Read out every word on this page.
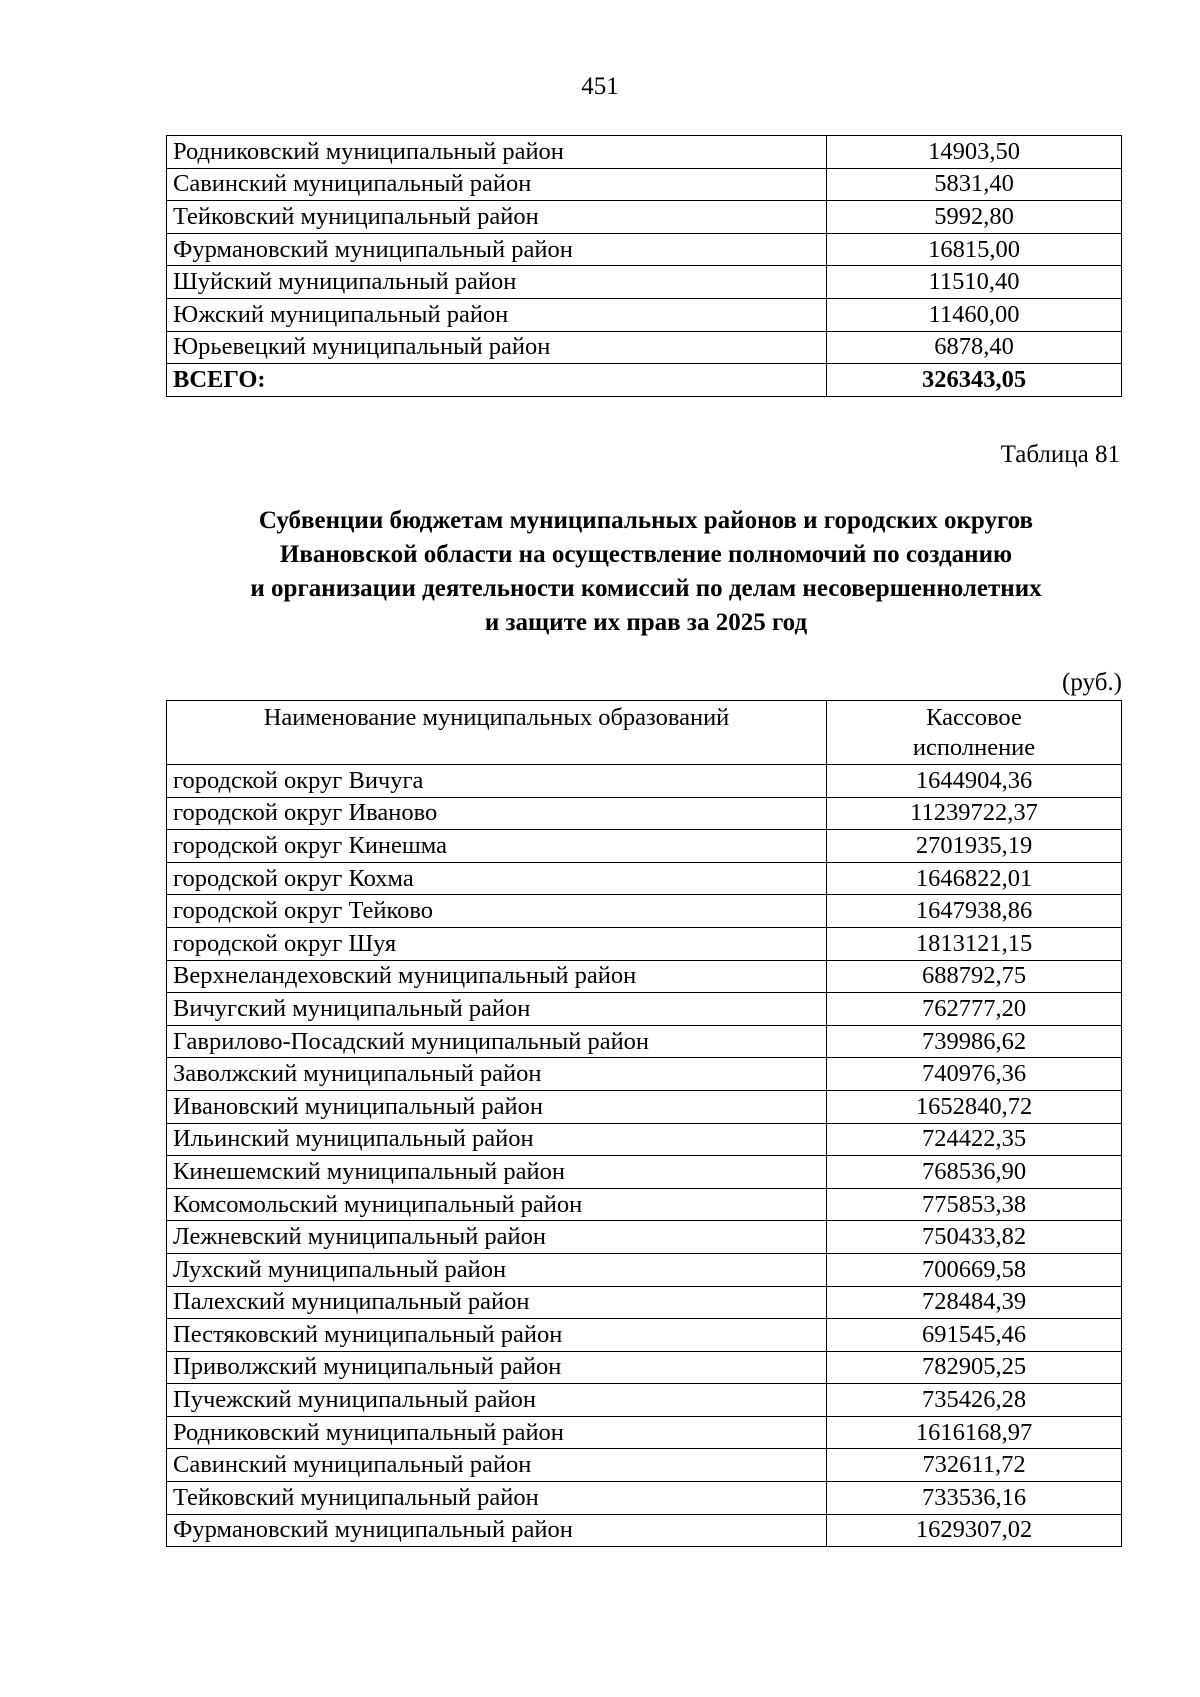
451
Родниковский муниципальный район	14903,50
Савинский муниципальный район	5831,40
Тейковский муниципальный район	5992,80
Фурмановский муниципальный район	16815,00
Шуйский муниципальный район	11510,40
Южский муниципальный район	11460,00
Юрьевецкий муниципальный район	6878,40
ВСЕГО:	326343,05
Таблица 81
Субвенции бюджетам муниципальных районов и городских округов
Ивановской области на осуществление полномочий по созданию
и организации деятельности комиссий по делам несовершеннолетних
и защите их прав за 2025 год
(руб.)
Наименование муниципальных образований	Кассовое
исполнение

городской округ Вичуга	1644904,36
городской округ Иваново	11239722,37
городской округ Кинешма	2701935,19
городской округ Кохма	1646822,01
городской округ Тейково	1647938,86
городской округ Шуя	1813121,15
Верхнеландеховский муниципальный район	688792,75
Вичугский муниципальный район	762777,20
Гаврилово-Посадский муниципальный район	739986,62
Заволжский муниципальный район	740976,36
Ивановский муниципальный район	1652840,72
Ильинский муниципальный район	724422,35
Кинешемский муниципальный район	768536,90
Комсомольский муниципальный район	775853,38
Лежневский муниципальный район	750433,82
Лухский муниципальный район	700669,58
Палехский муниципальный район	728484,39
Пестяковский муниципальный район	691545,46
Приволжский муниципальный район	782905,25
Пучежский муниципальный район	735426,28
Родниковский муниципальный район	1616168,97
Савинский муниципальный район	732611,72
Тейковский муниципальный район	733536,16
Фурмановский муниципальный район	1629307,02
